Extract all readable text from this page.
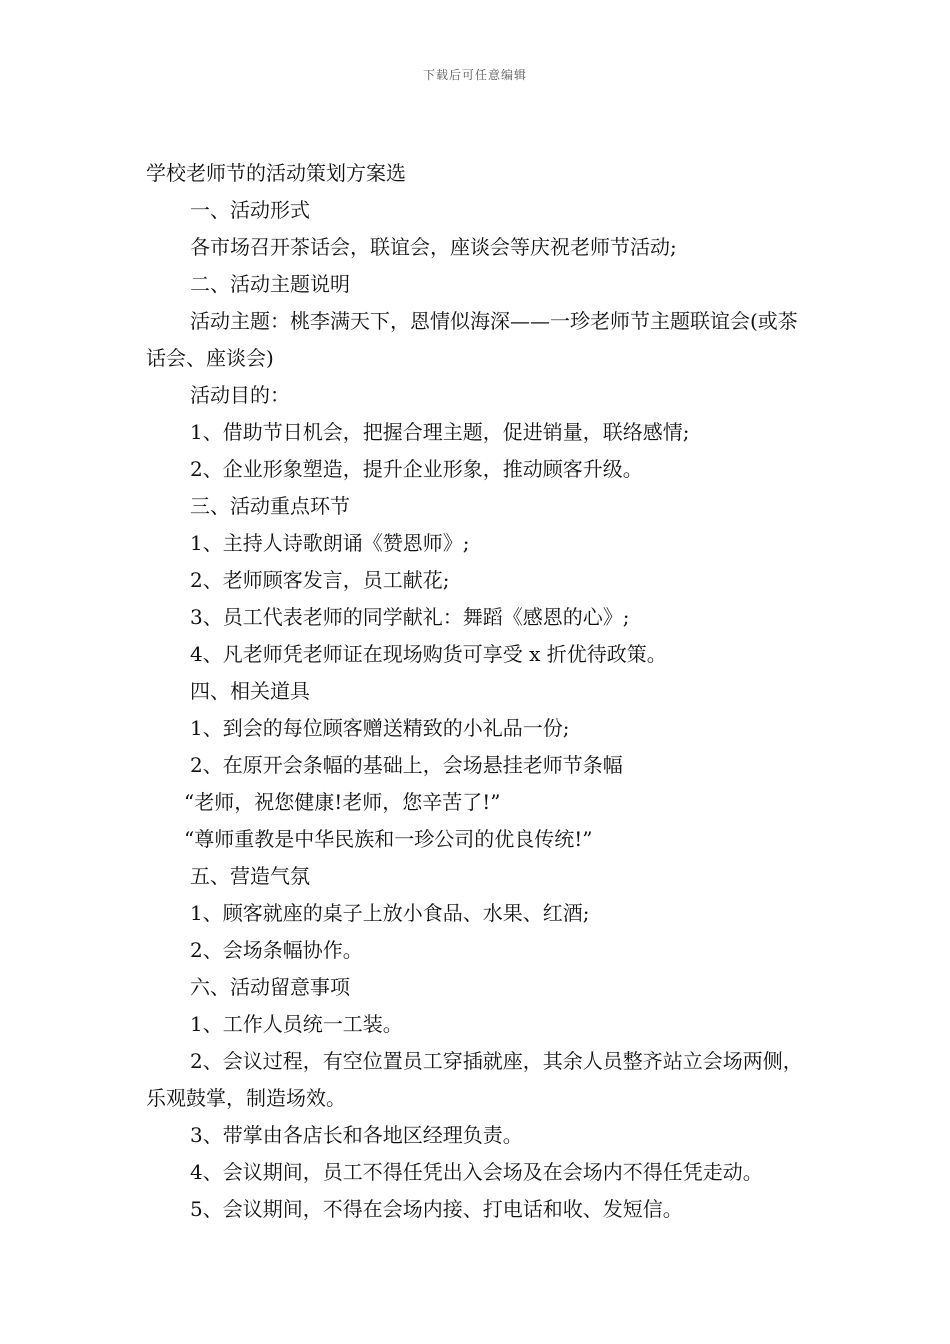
下载后可任意编辑

学校老师节的活动策划方案选

一、活动形式

各市场召开茶话会，联谊会，座谈会等庆祝老师节活动;

二、活动主题说明

活动主题：桃李满天下，恩情似海深——一珍老师节主题联谊会(或茶话会、座谈会)

活动目的：

1、借助节日机会，把握合理主题，促进销量，联络感情;

2、企业形象塑造，提升企业形象，推动顾客升级。

三、活动重点环节

1、主持人诗歌朗诵《赞恩师》;

2、老师顾客发言，员工献花;

3、员工代表老师的同学献礼：舞蹈《感恩的心》;

4、凡老师凭老师证在现场购货可享受 x 折优待政策。

四、相关道具

1、到会的每位顾客赠送精致的小礼品一份;

2、在原开会条幅的基础上，会场悬挂老师节条幅

“老师，祝您健康!老师，您辛苦了!”

“尊师重教是中华民族和一珍公司的优良传统!”

五、营造气氛

1、顾客就座的桌子上放小食品、水果、红酒;

2、会场条幅协作。

六、活动留意事项

1、工作人员统一工装。

2、会议过程，有空位置员工穿插就座，其余人员整齐站立会场两侧，乐观鼓掌，制造场效。

3、带掌由各店长和各地区经理负责。

4、会议期间，员工不得任凭出入会场及在会场内不得任凭走动。

5、会议期间，不得在会场内接、打电话和收、发短信。
